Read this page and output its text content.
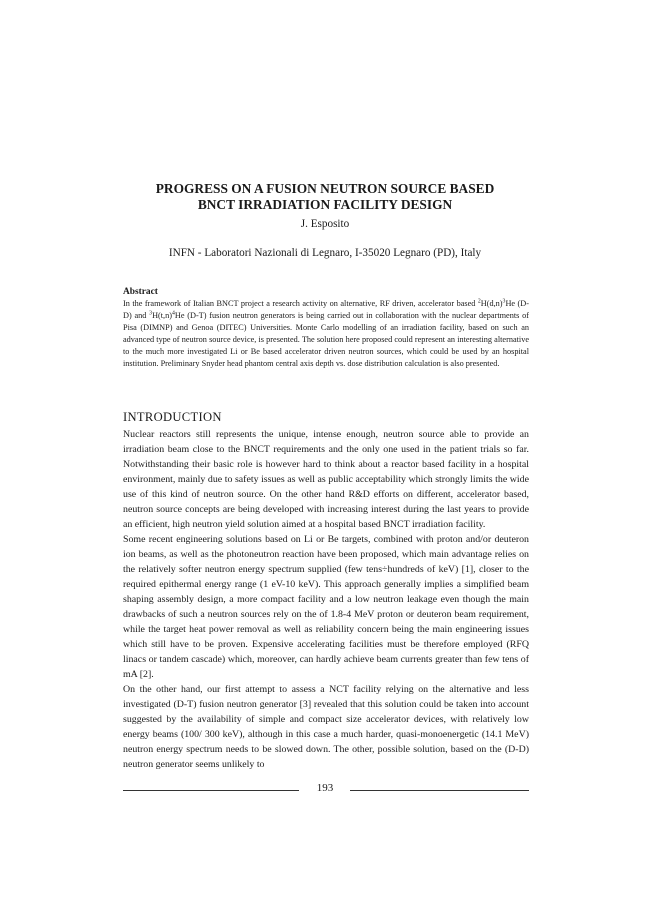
PROGRESS ON A FUSION NEUTRON SOURCE BASED
BNCT IRRADIATION FACILITY DESIGN
J. Esposito
INFN - Laboratori Nazionali di Legnaro, I-35020 Legnaro (PD), Italy
Abstract
In the framework of Italian BNCT project a research activity on alternative, RF driven, accelerator based $^2H(d,n)^3He$ (D-D) and $^3H(t,n)^4He$ (D-T) fusion neutron generators is being carried out in collaboration with the nuclear departments of Pisa (DIMNP) and Genoa (DITEC) Universities. Monte Carlo modelling of an irradiation facility, based on such an advanced type of neutron source device, is presented. The solution here proposed could represent an interesting alternative to the much more investigated Li or Be based accelerator driven neutron sources, which could be used by an hospital institution. Preliminary Snyder head phantom central axis depth vs. dose distribution calculation is also presented.
INTRODUCTION

Nuclear reactors still represents the unique, intense enough, neutron source able to provide an irradiation beam close to the BNCT requirements and the only one used in the patient trials so far. Notwithstanding their basic role is however hard to think about a reactor based facility in a hospital environment, mainly due to safety issues as well as public acceptability which strongly limits the wide use of this kind of neutron source. On the other hand R&D efforts on different, accelerator based, neutron source concepts are being developed with increasing interest during the last years to provide an efficient, high neutron yield solution aimed at a hospital based BNCT irradiation facility.

Some recent engineering solutions based on Li or Be targets, combined with proton and/or deuteron ion beams, as well as the photoneutron reaction have been proposed, which main advantage relies on the relatively softer neutron energy spectrum supplied (few tens÷hundreds of keV) [1], closer to the required epithermal energy range (1 eV-10 keV). This approach generally implies a simplified beam shaping assembly design, a more compact facility and a low neutron leakage even though the main drawbacks of such a neutron sources rely on the of 1.8-4 MeV proton or deuteron beam requirement, while the target heat power removal as well as reliability concern being the main engineering issues which still have to be proven. Expensive accelerating facilities must be therefore employed (RFQ linacs or tandem cascade) which, moreover, can hardly achieve beam currents greater than few tens of mA [2].

On the other hand, our first attempt to assess a NCT facility relying on the alternative and less investigated (D-T) fusion neutron generator [3] revealed that this solution could be taken into account suggested by the availability of simple and compact size accelerator devices, with relatively low energy beams (100/ 300 keV), although in this case a much harder, quasi-monoenergetic (14.1 MeV) neutron energy spectrum needs to be slowed down. The other, possible solution, based on the (D-D) neutron generator seems unlikely to

193
